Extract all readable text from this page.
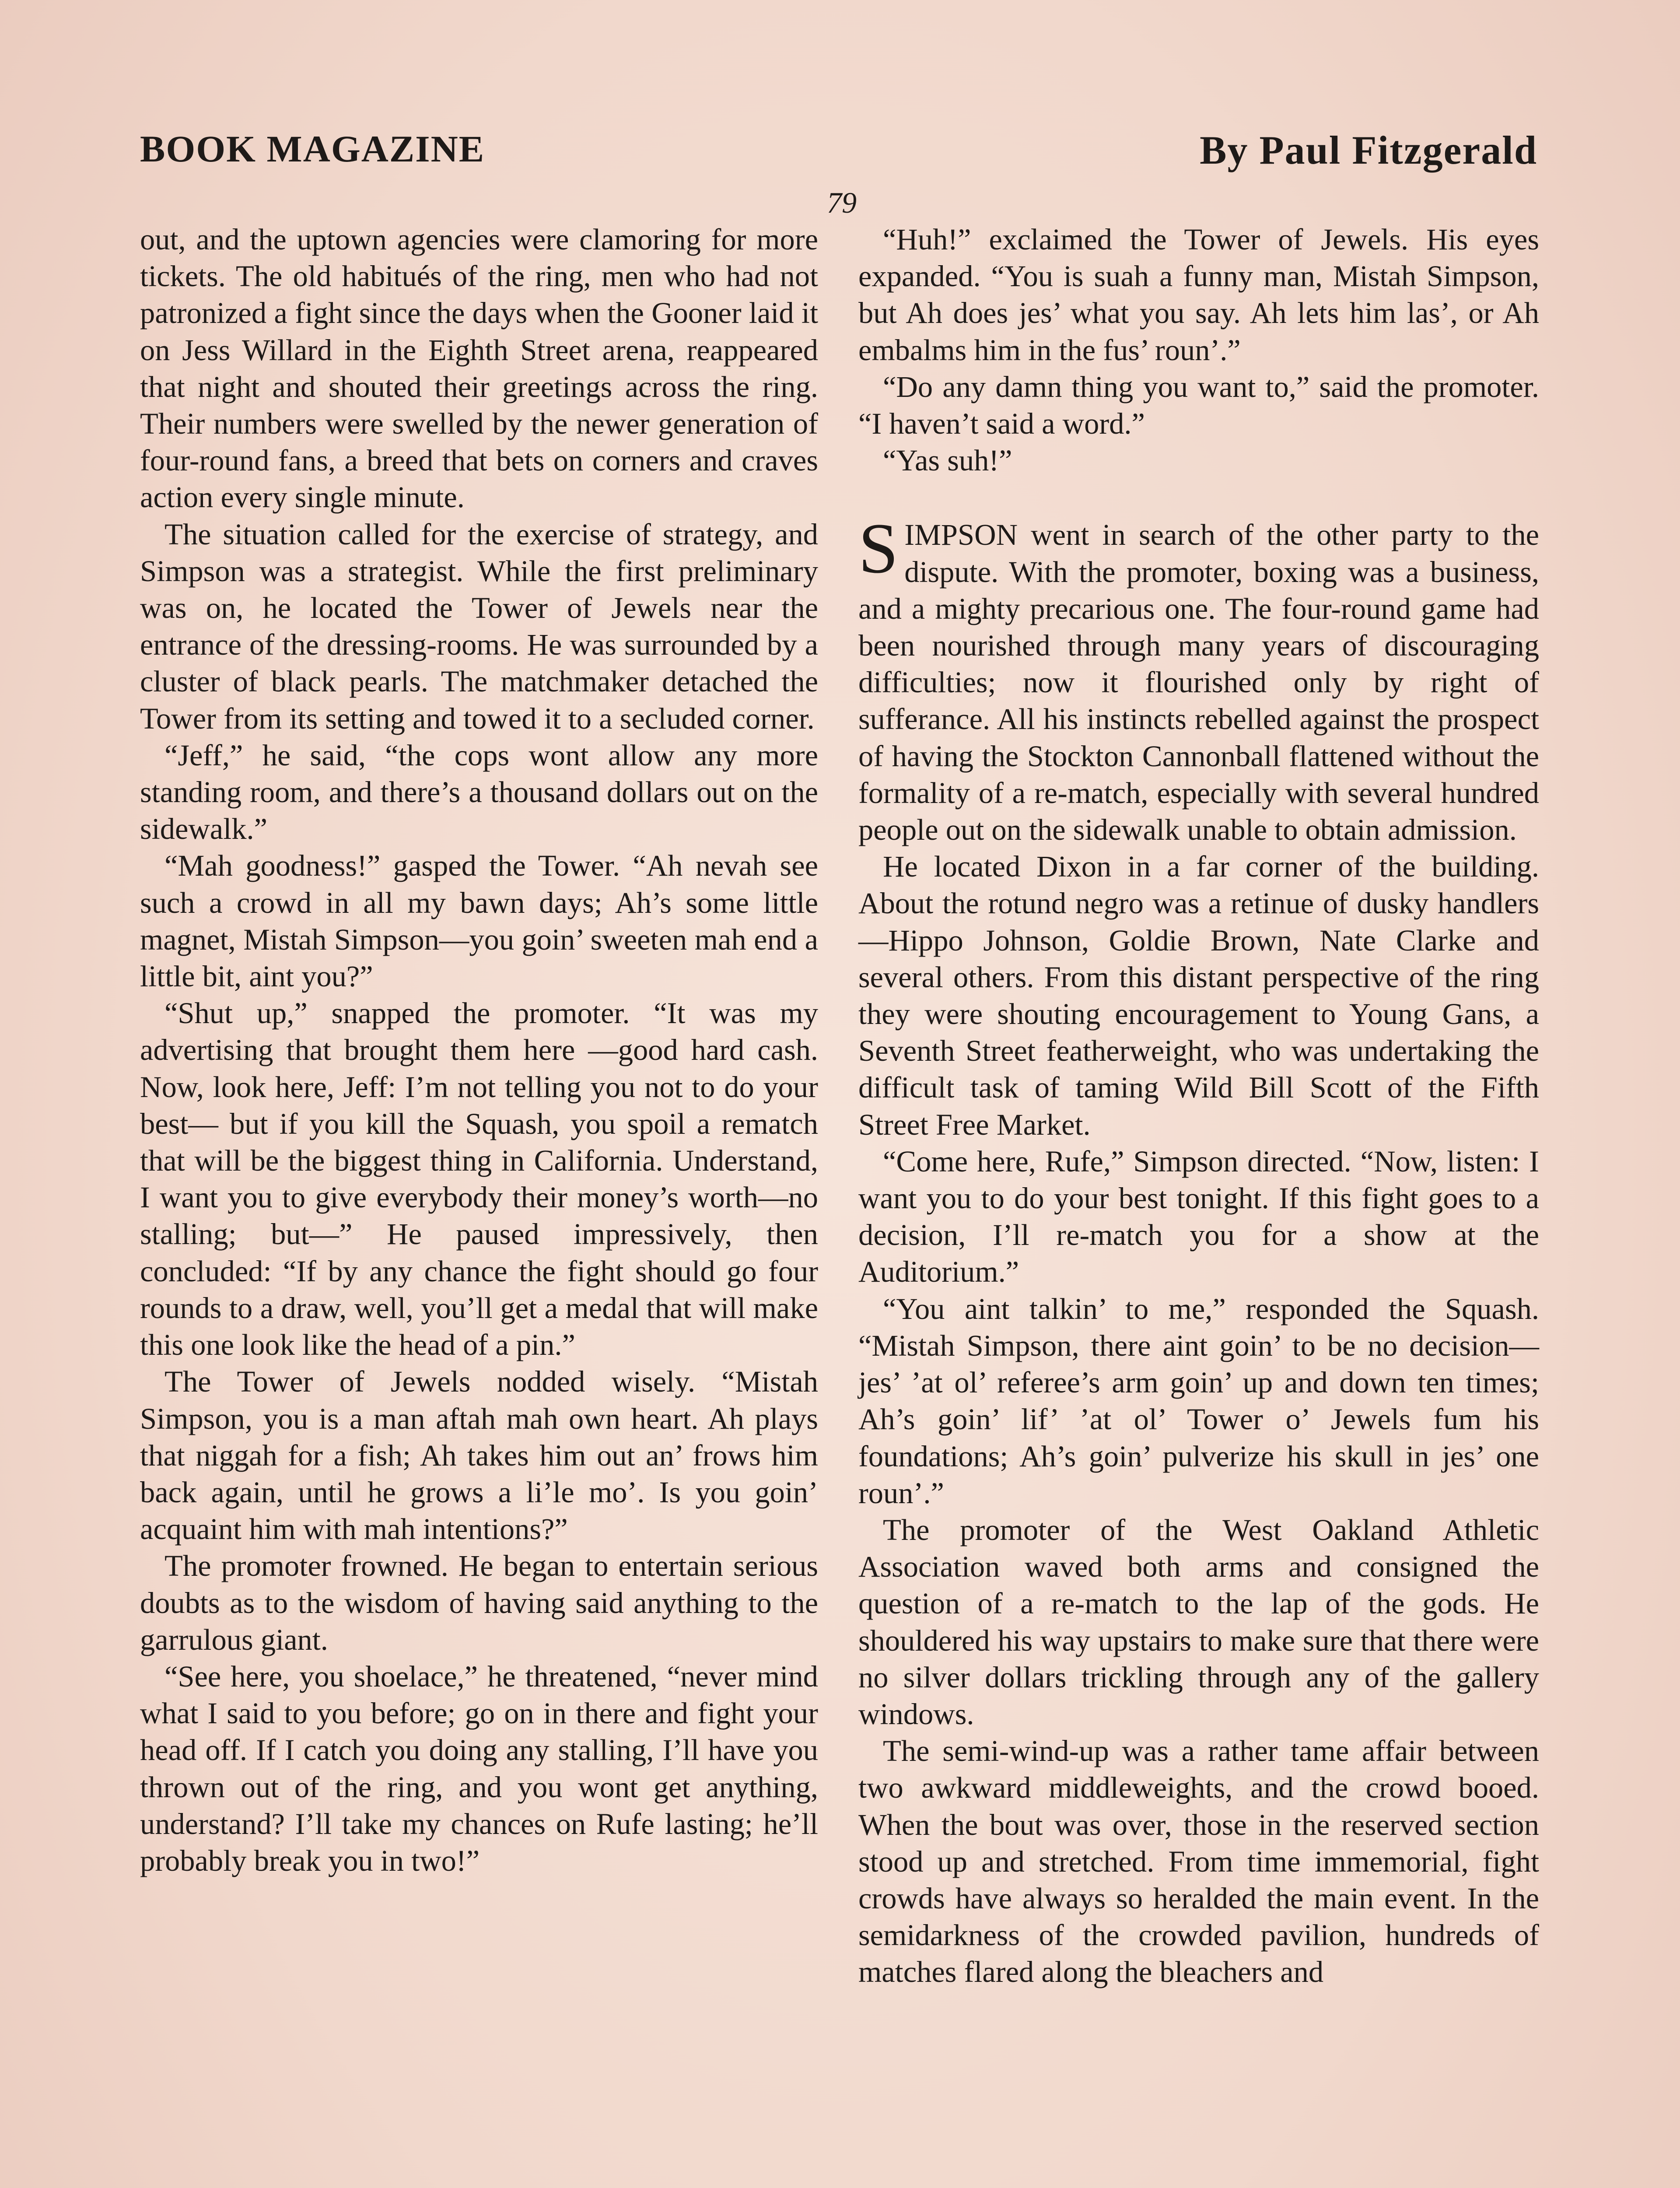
BOOK MAGAZINE	By Paul Fitzgerald
79

out, and the uptown agencies were clamoring for more tickets. The old habitués of the ring, men who had not patronized a fight since the days when the Gooner laid it on Jess Willard in the Eighth Street arena, reappeared that night and shouted their greetings across the ring. Their numbers were swelled by the newer generation of four-round fans, a breed that bets on corners and craves action every single minute.

The situation called for the exercise of strategy, and Simpson was a strategist. While the first preliminary was on, he located the Tower of Jewels near the entrance of the dressing-rooms. He was surrounded by a cluster of black pearls. The matchmaker detached the Tower from its setting and towed it to a secluded corner.

“Jeff,” he said, “the cops wont allow any more standing room, and there’s a thousand dollars out on the sidewalk.”

“Mah goodness!” gasped the Tower. “Ah nevah see such a crowd in all my bawn days; Ah’s some little magnet, Mistah Simpson—you goin’ sweeten mah end a little bit, aint you?”

“Shut up,” snapped the promoter. “It was my advertising that brought them here —good hard cash. Now, look here, Jeff: I’m not telling you not to do your best— but if you kill the Squash, you spoil a rematch that will be the biggest thing in California. Understand, I want you to give everybody their money’s worth—no stalling; but—” He paused impressively, then concluded: “If by any chance the fight should go four rounds to a draw, well, you’ll get a medal that will make this one look like the head of a pin.”

The Tower of Jewels nodded wisely. “Mistah Simpson, you is a man aftah mah own heart. Ah plays that niggah for a fish; Ah takes him out an’ frows him back again, until he grows a li’le mo’. Is you goin’ acquaint him with mah intentions?”

The promoter frowned. He began to entertain serious doubts as to the wisdom of having said anything to the garrulous giant.

“See here, you shoelace,” he threatened, “never mind what I said to you before; go on in there and fight your head off. If I catch you doing any stalling, I’ll have you thrown out of the ring, and you wont get anything, understand? I’ll take my chances on Rufe lasting; he’ll probably break you in two!”

“Huh!” exclaimed the Tower of Jewels. His eyes expanded. “You is suah a funny man, Mistah Simpson, but Ah does jes’ what you say. Ah lets him las’, or Ah embalms him in the fus’ roun’.”

“Do any damn thing you want to,” said the promoter. “I haven’t said a word.”

“Yas suh!”

SIMPSON went in search of the other party to the dispute. With the promoter, boxing was a business, and a mighty precarious one. The four-round game had been nourished through many years of discouraging difficulties; now it flourished only by right of sufferance. All his instincts rebelled against the prospect of having the Stockton Cannonball flattened without the formality of a re-match, especially with several hundred people out on the sidewalk unable to obtain admission.

He located Dixon in a far corner of the building. About the rotund negro was a retinue of dusky handlers—Hippo Johnson, Goldie Brown, Nate Clarke and several others. From this distant perspective of the ring they were shouting encouragement to Young Gans, a Seventh Street featherweight, who was undertaking the difficult task of taming Wild Bill Scott of the Fifth Street Free Market.

“Come here, Rufe,” Simpson directed. “Now, listen: I want you to do your best tonight. If this fight goes to a decision, I’ll re-match you for a show at the Auditorium.”

“You aint talkin’ to me,” responded the Squash. “Mistah Simpson, there aint goin’ to be no decision—jes’ ’at ol’ referee’s arm goin’ up and down ten times; Ah’s goin’ lif’ ’at ol’ Tower o’ Jewels fum his foundations; Ah’s goin’ pulverize his skull in jes’ one roun’.”

The promoter of the West Oakland Athletic Association waved both arms and consigned the question of a re-match to the lap of the gods. He shouldered his way upstairs to make sure that there were no silver dollars trickling through any of the gallery windows.

The semi-wind-up was a rather tame affair between two awkward middleweights, and the crowd booed. When the bout was over, those in the reserved section stood up and stretched. From time immemorial, fight crowds have always so heralded the main event. In the semidarkness of the crowded pavilion, hundreds of matches flared along the bleachers and
